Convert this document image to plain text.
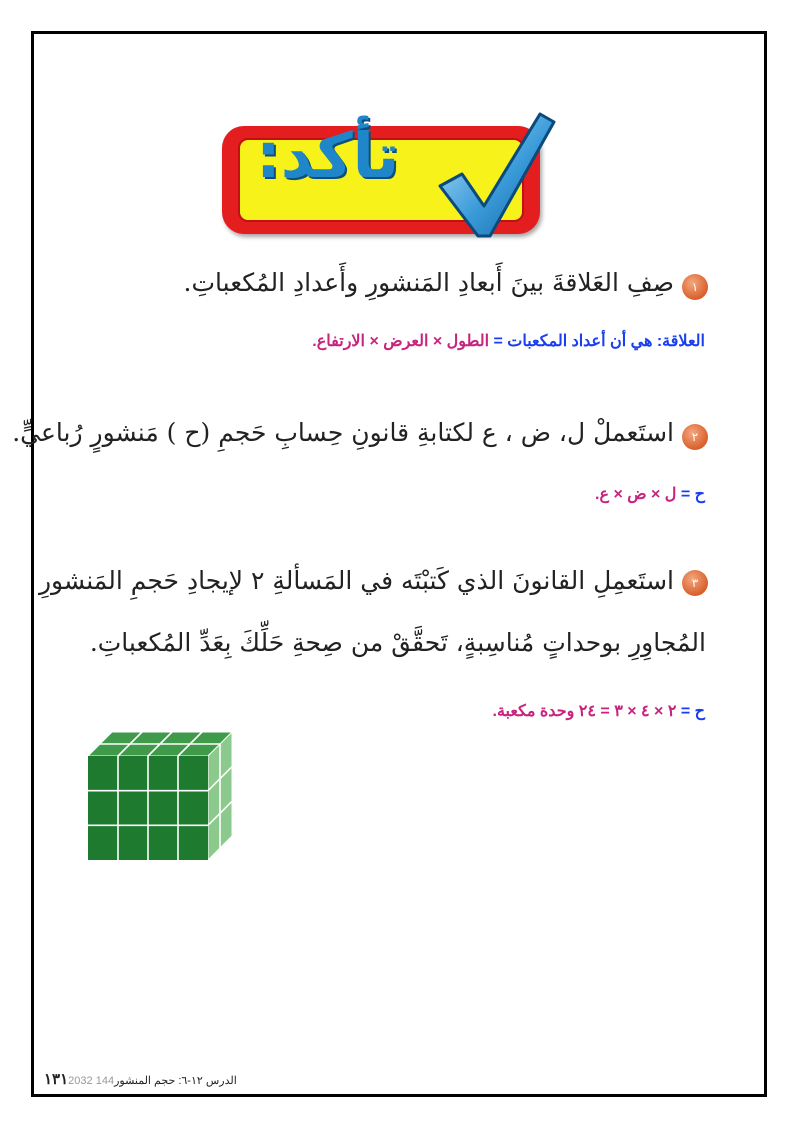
تأكد:
١
صِفِ العَلاقةَ بينَ أَبعادِ المَنشورِ وأَعدادِ المُكعباتِ.
العلاقة: هي أن أعداد المكعبات = الطول × العرض × الارتفاع.
٢
استَعملْ ل، ض ، ع لكتابةِ قانونِ حِسابِ حَجمِ (ح ) مَنشورٍ رُباعيٍّ.
ح = ل × ض × ع.
٣
استَعمِلِ القانونَ الذي كَتبْتَه في المَسألةِ ٢ لإيجادِ حَجمِ المَنشورِ
المُجاوِرِ بوحداتٍ مُناسِبةٍ، تَحقَّقْ من صِحةِ حَلِّكَ بِعَدِّ المُكعباتِ.
ح = ٢ × ٤ × ٣ = ٢٤ وحدة مكعبة.
الدرس ١٢-٦: حجم المنشور144 ١٣١2032
